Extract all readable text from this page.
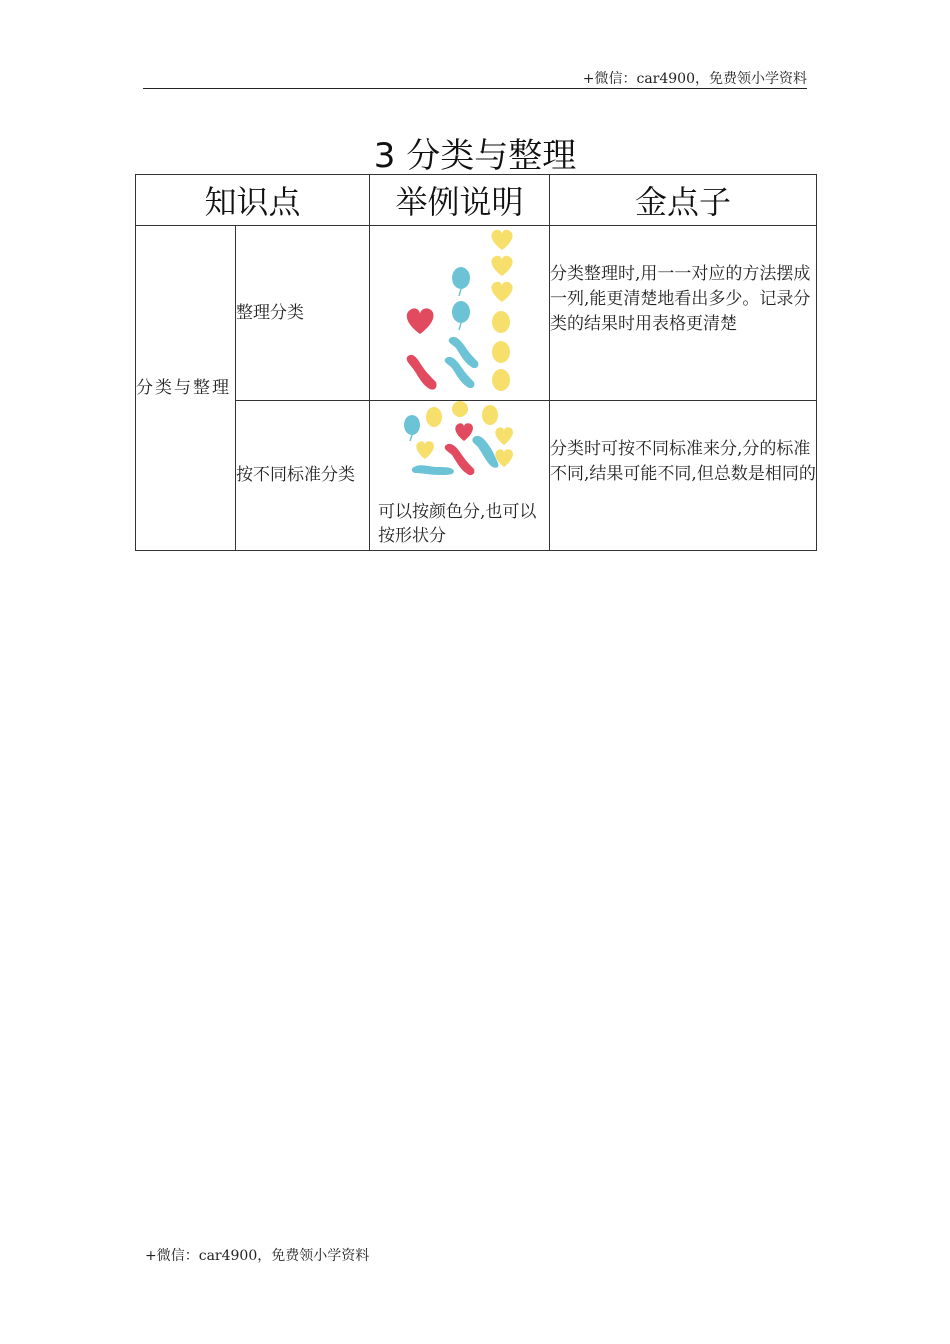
+微信：car4900，免费领小学资料
3 分类与整理
知识点		举例说明	金点子
分类与整理	整理分类		分类整理时,用一一对应的方法摆成一列,能更清楚地看出多少。记录分类的结果时用表格更清楚

	按不同标准分类	可以按颜色分,也可以按形状分	分类时可按不同标准来分,分的标准不同,结果可能不同,但总数是相同的
+微信：car4900，免费领小学资料
